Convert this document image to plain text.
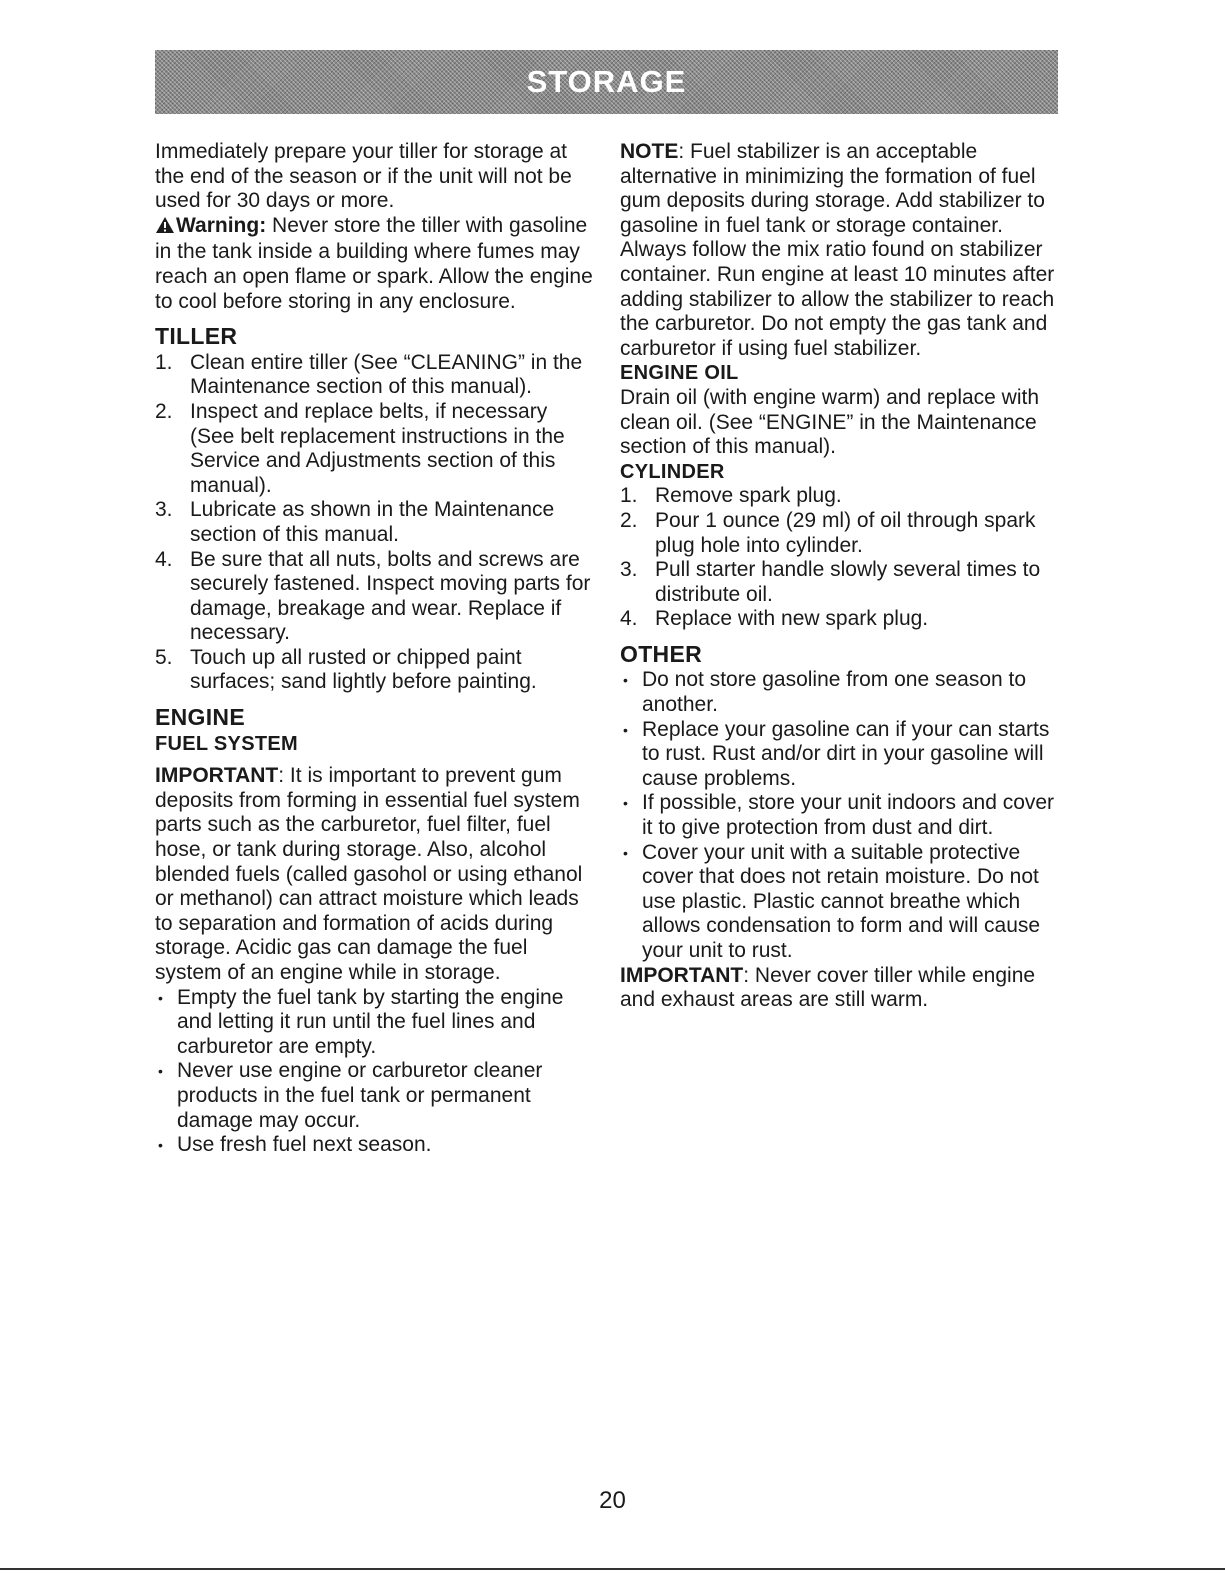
STORAGE

Immediately prepare your tiller for storage at the end of the season or if the unit will not be used for 30 days or more.

Warning: Never store the tiller with gasoline in the tank inside a building where fumes may reach an open flame or spark. Allow the engine to cool before storing in any enclosure.

TILLER

1. Clean entire tiller (See “CLEANING” in the Maintenance section of this manual).
2. Inspect and replace belts, if necessary (See belt replacement instructions in the Service and Adjustments section of this manual).
3. Lubricate as shown in the Maintenance section of this manual.
4. Be sure that all nuts, bolts and screws are securely fastened. Inspect moving parts for damage, breakage and wear. Replace if necessary.
5. Touch up all rusted or chipped paint surfaces; sand lightly before painting.

ENGINE

FUEL SYSTEM

IMPORTANT: It is important to prevent gum deposits from forming in essential fuel system parts such as the carburetor, fuel filter, fuel hose, or tank during storage. Also, alcohol blended fuels (called gasohol or using ethanol or methanol) can attract moisture which leads to separation and formation of acids during storage. Acidic gas can damage the fuel system of an engine while in storage.

• Empty the fuel tank by starting the engine and letting it run until the fuel lines and carburetor are empty.
• Never use engine or carburetor cleaner products in the fuel tank or permanent damage may occur.
• Use fresh fuel next season.

NOTE: Fuel stabilizer is an acceptable alternative in minimizing the formation of fuel gum deposits during storage. Add stabilizer to gasoline in fuel tank or storage container. Always follow the mix ratio found on stabilizer container. Run engine at least 10 minutes after adding stabilizer to allow the stabilizer to reach the carburetor. Do not empty the gas tank and carburetor if using fuel stabilizer.

ENGINE OIL

Drain oil (with engine warm) and replace with clean oil. (See “ENGINE” in the Maintenance section of this manual).

CYLINDER

1. Remove spark plug.
2. Pour 1 ounce (29 ml) of oil through spark plug hole into cylinder.
3. Pull starter handle slowly several times to distribute oil.
4. Replace with new spark plug.

OTHER

• Do not store gasoline from one season to another.
• Replace your gasoline can if your can starts to rust. Rust and/or dirt in your gasoline will cause problems.
• If possible, store your unit indoors and cover it to give protection from dust and dirt.
• Cover your unit with a suitable protective cover that does not retain moisture. Do not use plastic. Plastic cannot breathe which allows condensation to form and will cause your unit to rust.

IMPORTANT: Never cover tiller while engine and exhaust areas are still warm.

20
